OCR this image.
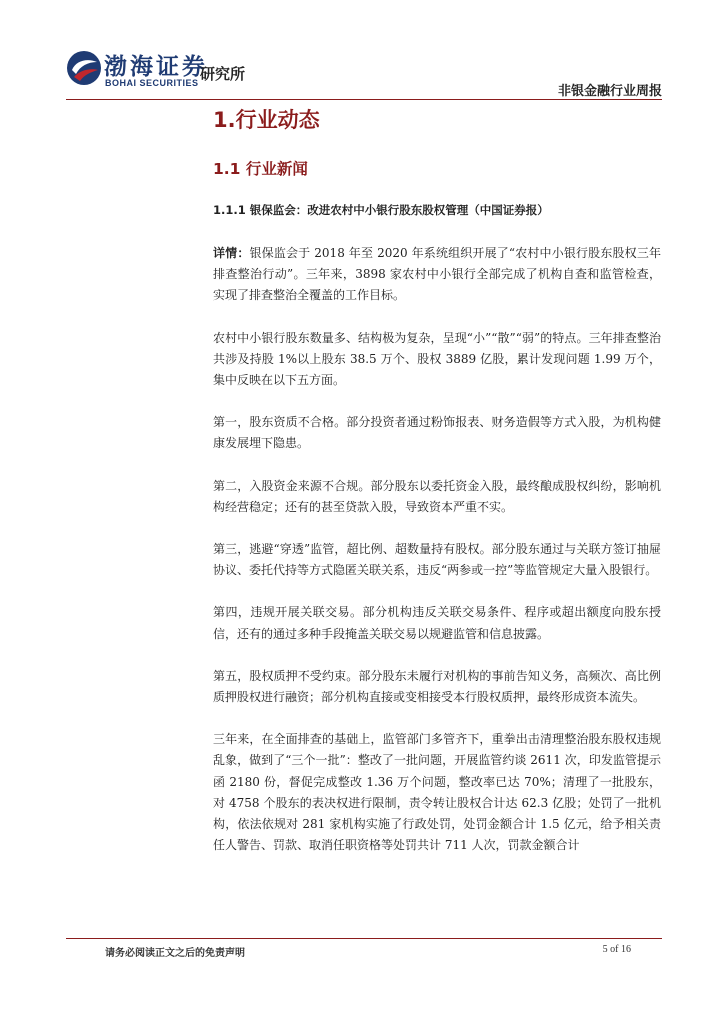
渤海证券
BOHAI SECURITIES 研究所
非银金融行业周报
1.行业动态
1.1 行业新闻
1.1.1 银保监会：改进农村中小银行股东股权管理（中国证券报）

详情：银保监会于 2018 年至 2020 年系统组织开展了“农村中小银行股东股权三年排查整治行动”。三年来，3898 家农村中小银行全部完成了机构自查和监管检查，实现了排查整治全覆盖的工作目标。

农村中小银行股东数量多、结构极为复杂，呈现“小”“散”“弱”的特点。三年排查整治共涉及持股 1%以上股东 38.5 万个、股权 3889 亿股，累计发现问题 1.99 万个，集中反映在以下五方面。

第一，股东资质不合格。部分投资者通过粉饰报表、财务造假等方式入股，为机构健康发展埋下隐患。

第二，入股资金来源不合规。部分股东以委托资金入股，最终酿成股权纠纷，影响机构经营稳定；还有的甚至贷款入股，导致资本严重不实。

第三，逃避“穿透”监管，超比例、超数量持有股权。部分股东通过与关联方签订抽屉协议、委托代持等方式隐匿关联关系，违反“两参或一控”等监管规定大量入股银行。

第四，违规开展关联交易。部分机构违反关联交易条件、程序或超出额度向股东授信，还有的通过多种手段掩盖关联交易以规避监管和信息披露。

第五，股权质押不受约束。部分股东未履行对机构的事前告知义务，高频次、高比例质押股权进行融资；部分机构直接或变相接受本行股权质押，最终形成资本流失。

三年来，在全面排查的基础上，监管部门多管齐下，重拳出击清理整治股东股权违规乱象，做到了“三个一批”：整改了一批问题，开展监管约谈 2611 次，印发监管提示函 2180 份，督促完成整改 1.36 万个问题，整改率已达 70%；清理了一批股东，对 4758 个股东的表决权进行限制，责令转让股权合计达 62.3 亿股；处罚了一批机构，依法依规对 281 家机构实施了行政处罚，处罚金额合计 1.5 亿元，给予相关责任人警告、罚款、取消任职资格等处罚共计 711 人次，罚款金额合计

请务必阅读正文之后的免责声明	5 of 16
